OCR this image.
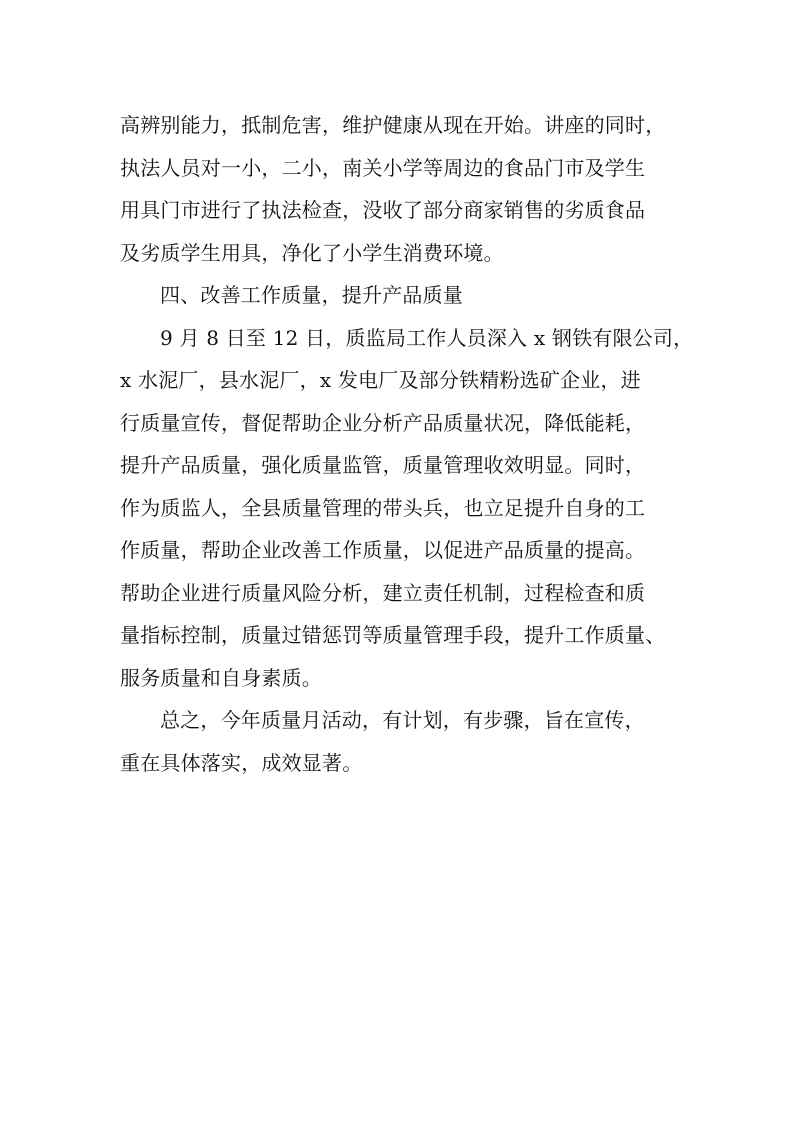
高辨别能力，抵制危害，维护健康从现在开始。讲座的同时，
执法人员对一小，二小，南关小学等周边的食品门市及学生
用具门市进行了执法检查，没收了部分商家销售的劣质食品
及劣质学生用具，净化了小学生消费环境。
四、改善工作质量，提升产品质量
9 月 8 日至 12 日，质监局工作人员深入 x 钢铁有限公司，
x 水泥厂，县水泥厂，x 发电厂及部分铁精粉选矿企业，进
行质量宣传，督促帮助企业分析产品质量状况，降低能耗，
提升产品质量，强化质量监管，质量管理收效明显。同时，
作为质监人，全县质量管理的带头兵，也立足提升自身的工
作质量，帮助企业改善工作质量，以促进产品质量的提高。
帮助企业进行质量风险分析，建立责任机制，过程检查和质
量指标控制，质量过错惩罚等质量管理手段，提升工作质量、
服务质量和自身素质。
总之，今年质量月活动，有计划，有步骤，旨在宣传，
重在具体落实，成效显著。
